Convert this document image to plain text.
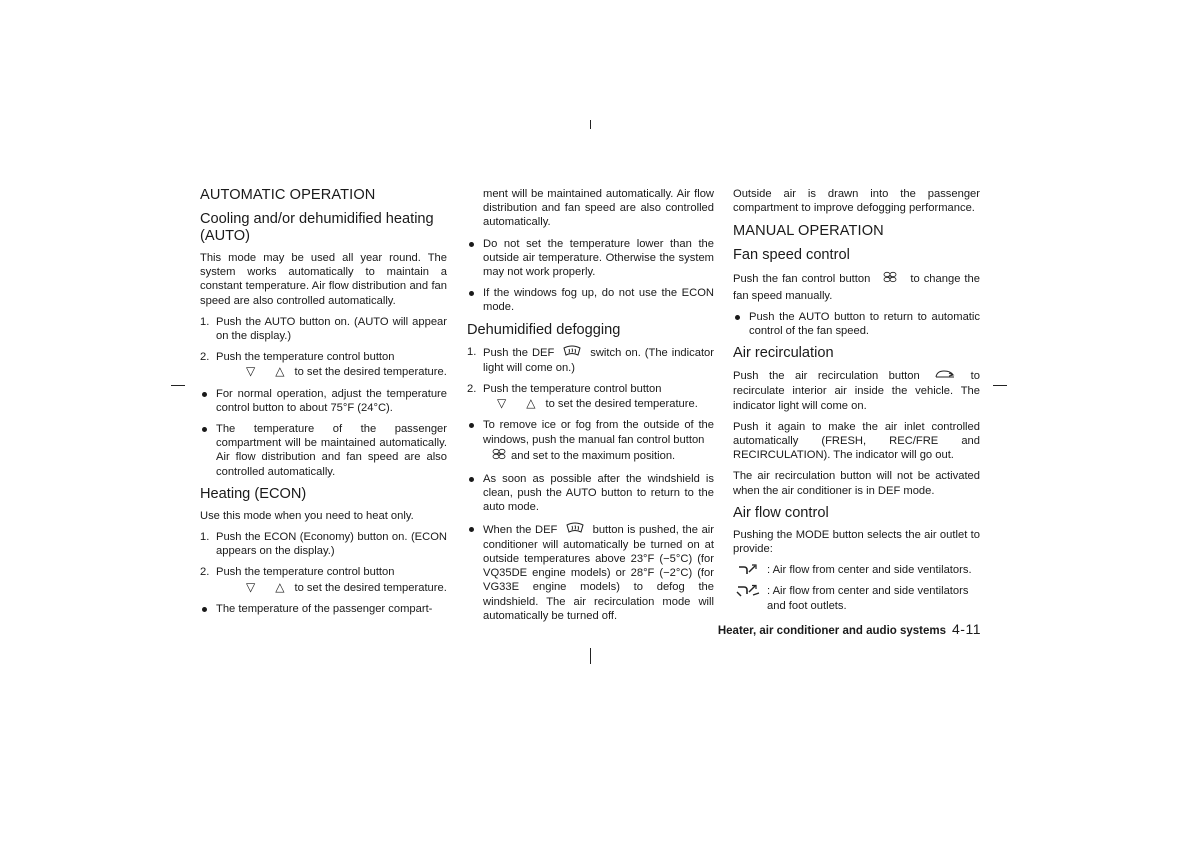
AUTOMATIC OPERATION
Cooling and/or dehumidified heating (AUTO)

This mode may be used all year round. The system works automatically to maintain a constant temperature. Air flow distribution and fan speed are also controlled automatically.

1. Push the AUTO button on. (AUTO will appear on the display.)
2. Push the temperature control button
▽ △ to set the desired temperature.
For normal operation, adjust the temperature control button to about 75°F (24°C).
The temperature of the passenger compartment will be maintained automatically. Air flow distribution and fan speed are also controlled automatically.
Heating (ECON)

Use this mode when you need to heat only.

1. Push the ECON (Economy) button on. (ECON appears on the display.)
2. Push the temperature control button
▽ △ to set the desired temperature.
The temperature of the passenger compart-

ment will be maintained automatically. Air flow distribution and fan speed are also controlled automatically.

Do not set the temperature lower than the outside air temperature. Otherwise the system may not work properly.
If the windows fog up, do not use the ECON mode.
Dehumidified defogging
1. Push the DEF	switch on. (The indicator light will come on.)
2. Push the temperature control button
▽ △ to set the desired temperature.
To remove ice or fog from the outside of the windows, push the manual fan control button
and set to the maximum position.
As soon as possible after the windshield is clean, push the AUTO button to return to the auto mode.
When the DEF	button is pushed, the air conditioner will automatically be turned on at outside temperatures above 23°F (−5°C) (for VQ35DE engine models) or 28°F (−2°C) (for VG33E engine models) to defog the windshield. The air recirculation mode will automatically be turned off.

Outside air is drawn into the passenger compartment to improve defogging performance.

MANUAL OPERATION
Fan speed control

Push the fan control button	to change the fan speed manually.

Push the AUTO button to return to automatic control of the fan speed.
Air recirculation

Push the air recirculation button	to recirculate interior air inside the vehicle. The indicator light will come on.

Push it again to make the air inlet controlled automatically (FRESH, REC/FRE and RECIRCULATION). The indicator will go out.

The air recirculation button will not be activated when the air conditioner is in DEF mode.

Air flow control

Pushing the MODE button selects the air outlet to provide:

: Air flow from center and side ventilators.
: Air flow from center and side ventilators and foot outlets.
Heater, air conditioner and audio systems 4-11
